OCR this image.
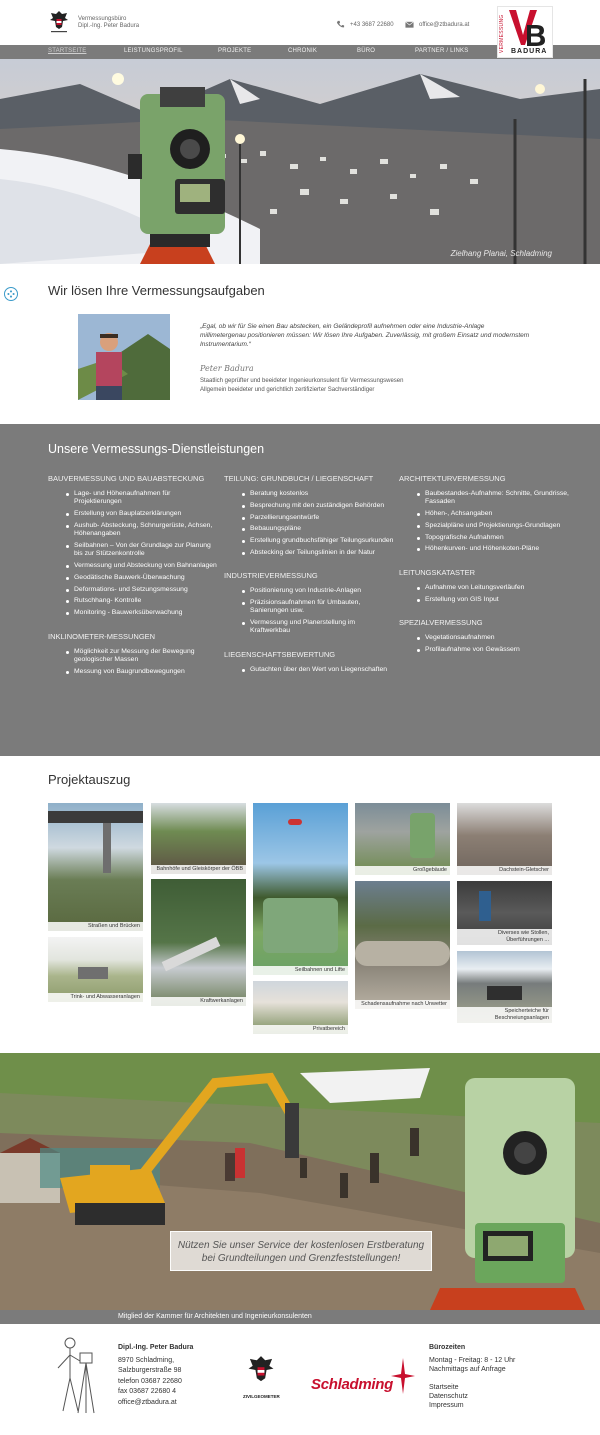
Vermessungsbüro
Dipl.-Ing. Peter Badura	+43 3687 22680	office@ztbadura.at	VERMESSUNG BADURA
STARTSEITE	LEISTUNGSPROFIL	PROJEKTE	CHRONIK	BÜRO	PARTNER / LINKS
Zielhang Planai, Schladming
Wir lösen Ihre Vermessungsaufgaben
„Egal, ob wir für Sie einen Bau abstecken, ein Geländeprofil aufnehmen oder eine Industrie-Anlage millimetergenau positionieren müssen: Wir lösen Ihre Aufgaben. Zuverlässig, mit großem Einsatz und modernstem Instrumentarium.“
Peter Badura
Staatlich geprüfter und beeideter Ingenieurkonsulent für Vermessungswesen
Allgemein beeideter und gerichtlich zertifizierter Sachverständiger
Unsere Vermessungs-Dienstleistungen
BAUVERMESSUNG UND BAUABSTECKUNG
Lage- und Höhenaufnahmen für Projektierungen
Erstellung von Bauplatzerklärungen
Aushub- Absteckung, Schnurgerüste, Achsen, Höhenangaben
Seilbahnen – Von der Grundlage zur Planung bis zur Stützenkontrolle
Vermessung und Absteckung von Bahnanlagen
Geodätische Bauwerk-Überwachung
Deformations- und Setzungsmessung
Rutschhang- Kontrolle
Monitoring - Bauwerksüberwachung
INKLINOMETER-MESSUNGEN
Möglichkeit zur Messung der Bewegung geologischer Massen
Messung von Baugrundbewegungen
TEILUNG: GRUNDBUCH / LIEGENSCHAFT
Beratung kostenlos
Besprechung mit den zuständigen Behörden
Parzellierungsentwürfe
Bebauungspläne
Erstellung grundbuchsfähiger Teilungsurkunden
Abstecking der Teilungslinien in der Natur
INDUSTRIEVERMESSUNG
Positionierung von Industrie-Anlagen
Präzisionsaufnahmen für Umbauten, Sanierungen usw.
Vermessung und Planerstellung im Kraftwerkbau
LIEGENSCHAFTSBEWERTUNG
Gutachten über den Wert von Liegenschaften
ARCHITEKTURVERMESSUNG
Baubestandes-Aufnahme: Schnitte, Grundrisse, Fassaden
Höhen-, Achsangaben
Spezialpläne und Projektierungs-Grundlagen
Topografische Aufnahmen
Höhenkurven- und Höhenkoten-Pläne
LEITUNGSKATASTER
Aufnahme von Leitungsverläufen
Erstellung von GIS Input
SPEZIALVERMESSUNG
Vegetationsaufnahmen
Profilaufnahme von Gewässern
Projektauszug
Straßen und Brücken
Trink- und Abwasseranlagen
Bahnhöfe und Gleiskörper der ÖBB
Kraftwerkanlagen
Seilbahnen und Lifte
Privatbereich
Großgebäude
Schadensaufnahme nach Unwetter
Dachstein-Gletscher
Diverses wie Stollen, Überführungen ...
Speicherteiche für Beschneiungsanlagen
Nützen Sie unser Service der kostenlosen Erstberatung
bei Grundteilungen und Grenzfeststellungen!
Mitglied der Kammer für Architekten und Ingenieurkonsulenten
Dipl.-Ing. Peter Badura
8970 Schladming,
Salzburgerstraße 98
telefon 03687 22680
fax 03687 22680 4
office@ztbadura.at
ZIVILGEOMETER
Schladming
Bürozeiten
Montag - Freitag: 8 - 12 Uhr
Nachmittags auf Anfrage
Startseite
Datenschutz
Impressum
